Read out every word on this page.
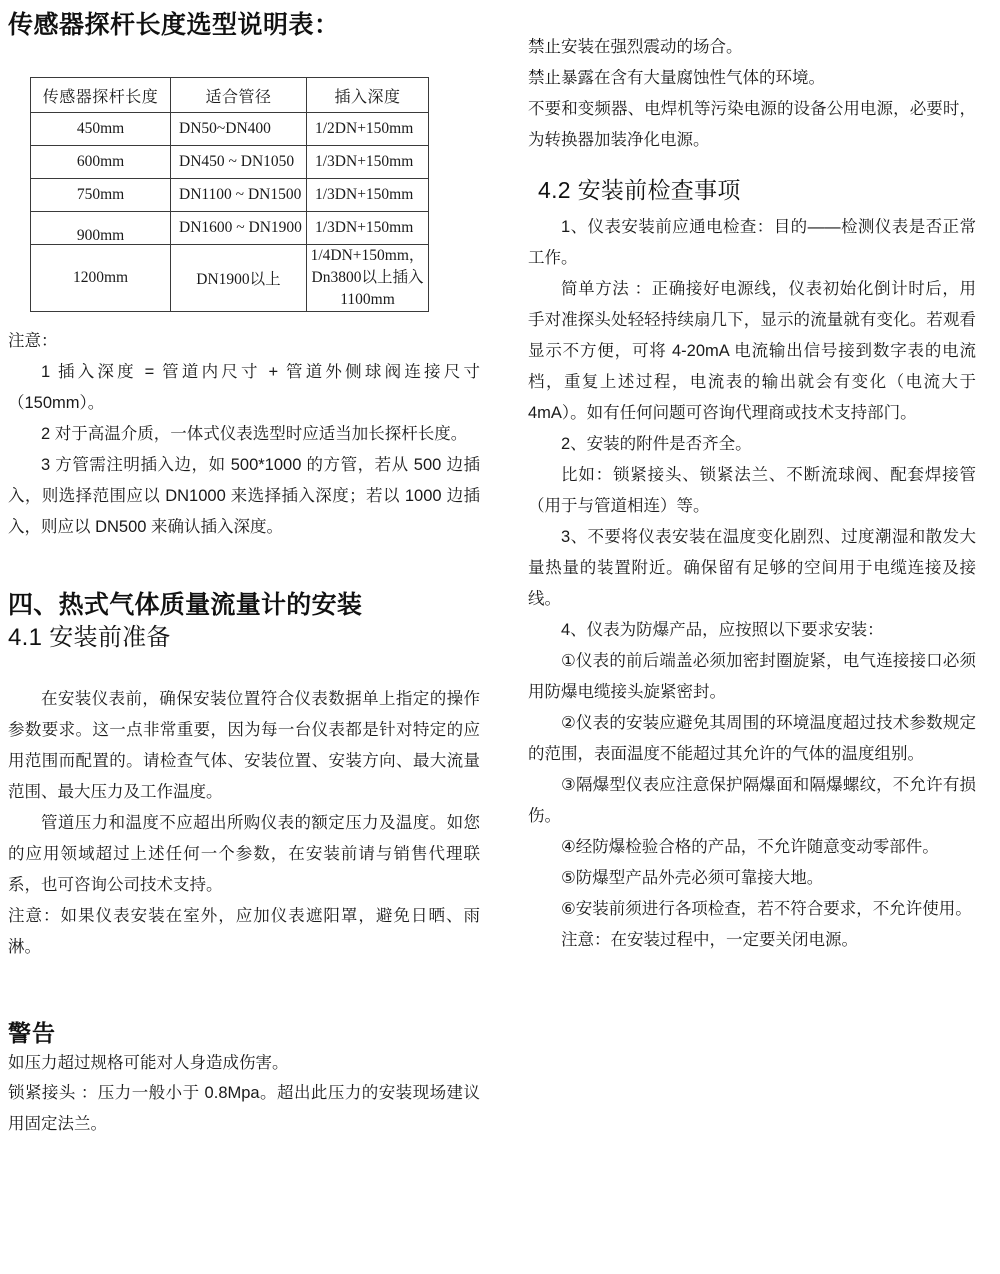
传感器探杆长度选型说明表：
传感器探杆长度	适合管径	插入深度
450mm	DN50~DN400	1/2DN+150mm
600mm	DN450 ~ DN1050	1/3DN+150mm
750mm	DN1100 ~ DN1500	1/3DN+150mm

900mm	DN1600 ~ DN1900	1/3DN+150mm
1200mm	DN1900以上	1/4DN+150mm，Dn3800以上插入1100mm

注意：

1 插入深度 = 管道内尺寸 + 管道外侧球阀连接尺寸（150mm）。

2 对于高温介质，一体式仪表选型时应适当加长探杆长度。

3 方管需注明插入边，如 500*1000 的方管，若从 500 边插入，则选择范围应以 DN1000 来选择插入深度；若以 1000 边插入，则应以 DN500 来确认插入深度。

四、热式气体质量流量计的安装
4.1 安装前准备

在安装仪表前，确保安装位置符合仪表数据单上指定的操作参数要求。这一点非常重要，因为每一台仪表都是针对特定的应用范围而配置的。请检查气体、安装位置、安装方向、最大流量范围、最大压力及工作温度。

管道压力和温度不应超出所购仪表的额定压力及温度。如您的应用领域超过上述任何一个参数，在安装前请与销售代理联系，也可咨询公司技术支持。

注意：如果仪表安装在室外，应加仪表遮阳罩，避免日晒、雨淋。

警告

如压力超过规格可能对人身造成伤害。

锁紧接头 ：压力一般小于 0.8Mpa。超出此压力的安装现场建议用固定法兰。

禁止安装在强烈震动的场合。

禁止暴露在含有大量腐蚀性气体的环境。

不要和变频器、电焊机等污染电源的设备公用电源，必要时，为转换器加装净化电源。

4.2 安装前检查事项

1、仪表安装前应通电检查：目的——检测仪表是否正常工作。

简单方法 ：正确接好电源线，仪表初始化倒计时后，用手对准探头处轻轻持续扇几下，显示的流量就有变化。若观看显示不方便，可将 4-20mA 电流输出信号接到数字表的电流档，重复上述过程，电流表的输出就会有变化（电流大于 4mA）。如有任何问题可咨询代理商或技术支持部门。

2、安装的附件是否齐全。

比如：锁紧接头、锁紧法兰、不断流球阀、配套焊接管（用于与管道相连）等。

3、不要将仪表安装在温度变化剧烈、过度潮湿和散发大量热量的装置附近。确保留有足够的空间用于电缆连接及接线。

4、仪表为防爆产品，应按照以下要求安装：

①仪表的前后端盖必须加密封圈旋紧，电气连接接口必须用防爆电缆接头旋紧密封。

②仪表的安装应避免其周围的环境温度超过技术参数规定的范围，表面温度不能超过其允许的气体的温度组别。

③隔爆型仪表应注意保护隔爆面和隔爆螺纹，不允许有损伤。

④经防爆检验合格的产品，不允许随意变动零部件。

⑤防爆型产品外壳必须可靠接大地。

⑥安装前须进行各项检查，若不符合要求，不允许使用。

注意：在安装过程中，一定要关闭电源。
